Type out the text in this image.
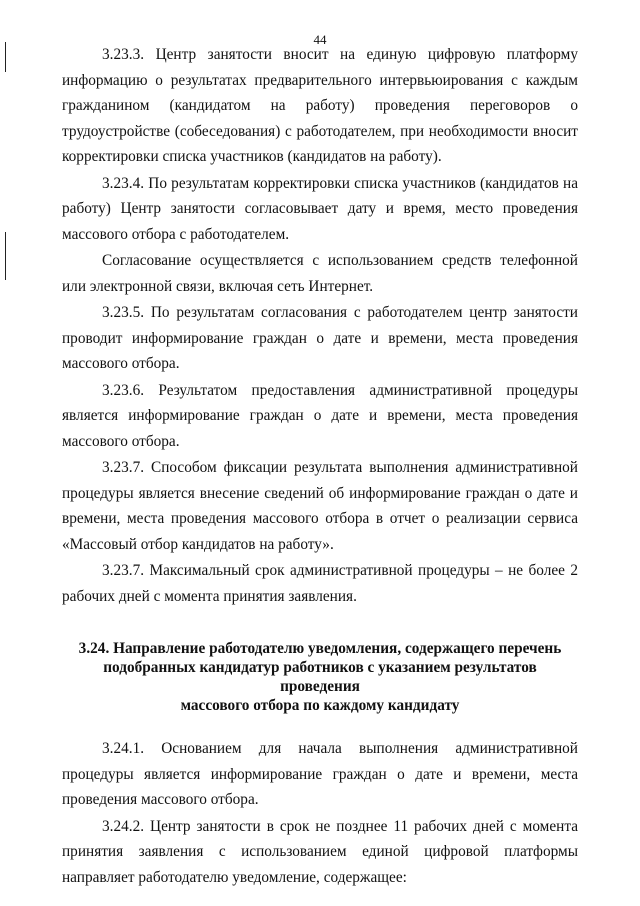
44

3.23.3. Центр занятости вносит на единую цифровую платформу информацию о результатах предварительного интервьюирования с каждым гражданином (кандидатом на работу) проведения переговоров о трудоустройстве (собеседования) с работодателем, при необходимости вносит корректировки списка участников (кандидатов на работу).

3.23.4. По результатам корректировки списка участников (кандидатов на работу) Центр занятости согласовывает дату и время, место проведения массового отбора с работодателем.

Согласование осуществляется с использованием средств телефонной или электронной связи, включая сеть Интернет.

3.23.5. По результатам согласования с работодателем центр занятости проводит информирование граждан о дате и времени, места проведения массового отбора.

3.23.6. Результатом предоставления административной процедуры является информирование граждан о дате и времени, места проведения массового отбора.

3.23.7. Способом фиксации результата выполнения административной процедуры является внесение сведений об информирование граждан о дате и времени, места проведения массового отбора в отчет о реализации сервиса «Массовый отбор кандидатов на работу».

3.23.7. Максимальный срок административной процедуры – не более 2 рабочих дней с момента принятия заявления.

3.24. Направление работодателю уведомления, содержащего перечень
подобранных кандидатур работников с указанием результатов проведения
массового отбора по каждому кандидату

3.24.1. Основанием для начала выполнения административной процедуры является информирование граждан о дате и времени, места проведения массового отбора.

3.24.2. Центр занятости в срок не позднее 11 рабочих дней с момента принятия заявления с использованием единой цифровой платформы направляет работодателю уведомление, содержащее:
